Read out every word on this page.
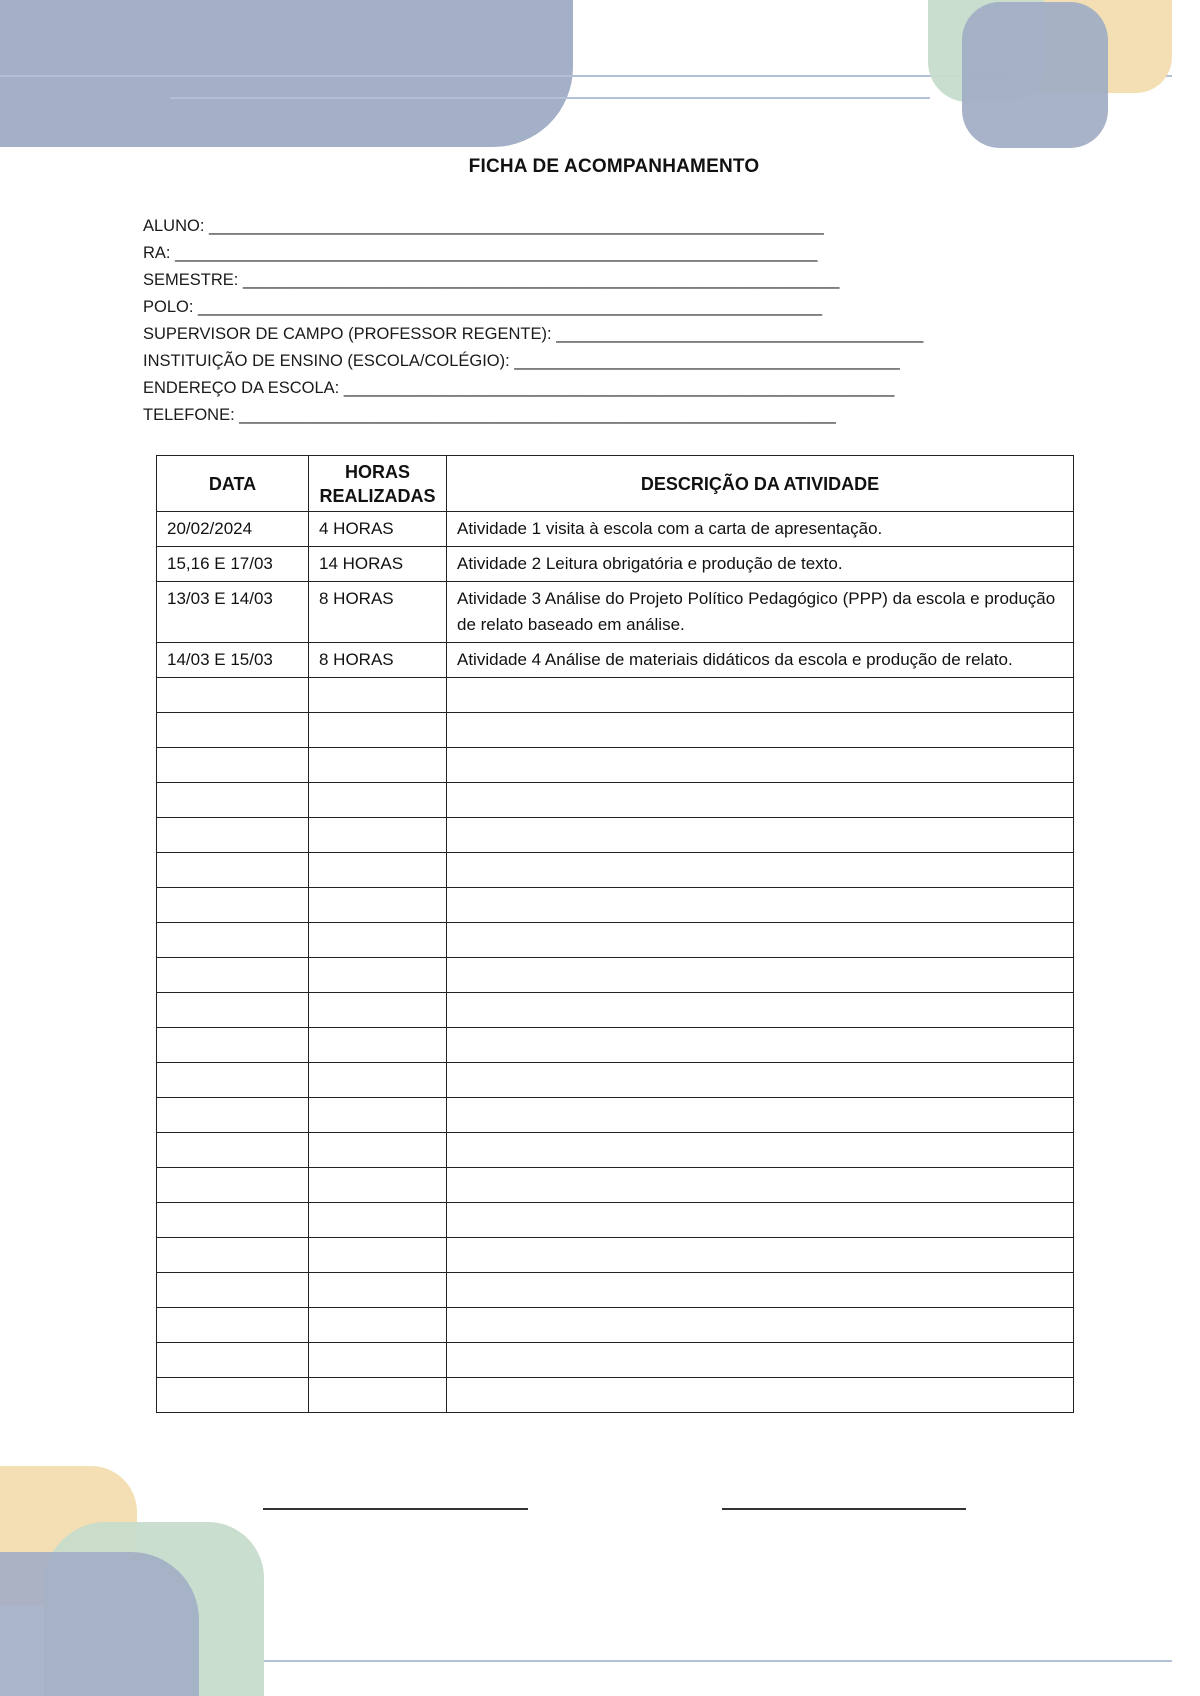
FICHA DE ACOMPANHAMENTO
ALUNO: ___________________________________________________________________
RA: ______________________________________________________________________
SEMESTRE: _________________________________________________________________
POLO: ____________________________________________________________________
SUPERVISOR DE CAMPO (PROFESSOR REGENTE): ________________________________________
INSTITUIÇÃO DE ENSINO (ESCOLA/COLÉGIO): __________________________________________
ENDEREÇO DA ESCOLA: ____________________________________________________________
TELEFONE: _________________________________________________________________
DATA	HORAS REALIZADAS	DESCRIÇÃO DA ATIVIDADE
20/02/2024	4 HORAS	Atividade 1 visita à escola com a carta de apresentação.
15,16 E 17/03	14 HORAS	Atividade 2 Leitura obrigatória e produção de texto.
13/03 E 14/03	8 HORAS	Atividade 3 Análise do Projeto Político Pedagógico (PPP) da escola e produção de relato baseado em análise.
14/03 E 15/03	8 HORAS	Atividade 4 Análise de materiais didáticos da escola e produção de relato.
